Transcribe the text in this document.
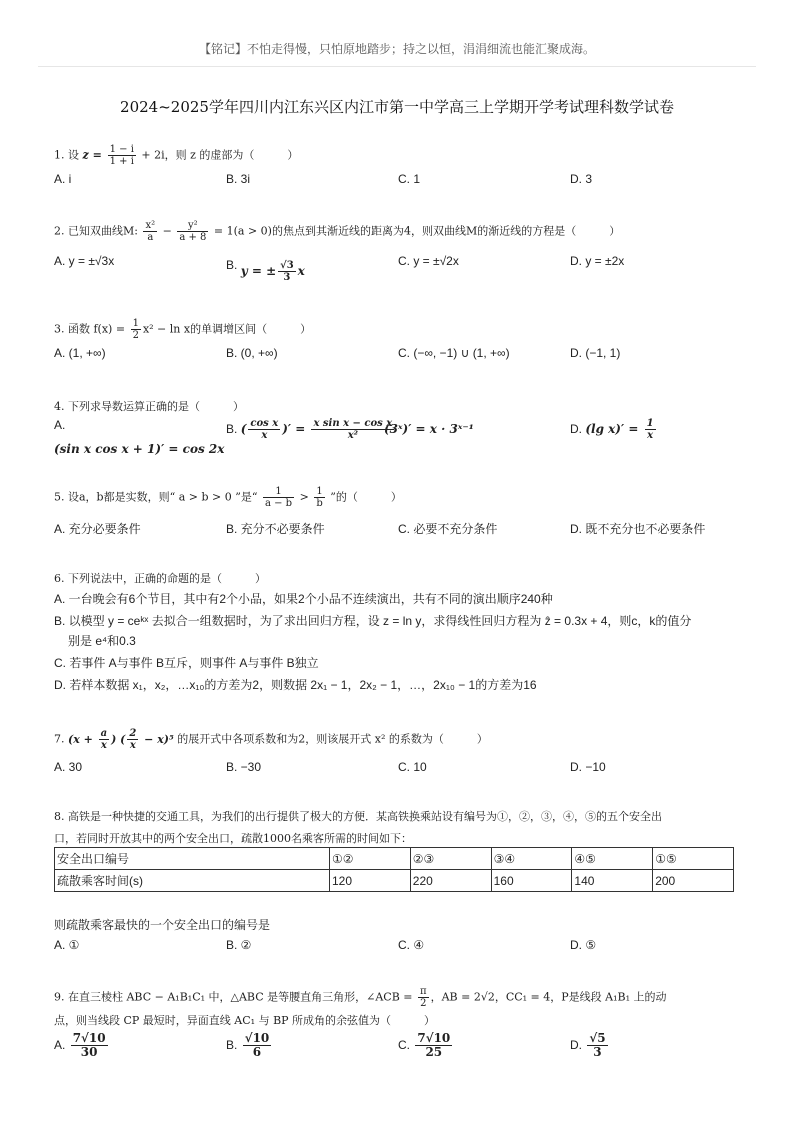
【铭记】不怕走得慢，只怕原地踏步；持之以恒，涓涓细流也能汇聚成海。
2024~2025学年四川内江东兴区内江市第一中学高三上学期开学考试理科数学试卷
1. 设 $z = \frac{1 - i}{1 + i} + 2i$，则 z 的虚部为（　　　）
A. i	B. 3i	C. 1	D. 3
2. 已知双曲线M: $\frac{\text{x²}}{a} - \frac{\text{y²}}{a + 8} = 1(a > 0)$的焦点到其渐近线的距离为4，则双曲线M的渐近线的方程是（　　　）
A. y = ±√3x	B. y = ± $\frac{√3}{3}$ x
C. y = ±√2x	D. y = ±2x
3. 函数 $f(x) = \frac{1}{2} x^2 - \ln x$的单调增区间（　　　）
A. (1, +∞)	B. (0, +∞)	C. (−∞, −1) ∪ (1, +∞)	D. (−1, 1)
4. 下列求导数运算正确的是（　　　）
A.
(sin x cos x + 1)′ = cos 2x
B. ( $\frac{\text{cos x}}{x}$ )′ = $\frac{\text{x sin x − cos x}}{\text{x²}}$
(3ˣ)′ = x · 3ˣ⁻¹	D. (lg $x)' = \frac{1}{x}$
5. 设a，b都是实数，则“ a > b > 0 ”是“ $\frac{1}{a - b} > \frac{1}{b}$ ”的（　　　）
A. 充分必要条件	B. 充分不必要条件	C. 必要不充分条件	D. 既不充分也不必要条件
6. 下列说法中，正确的命题的是（　　　）
A. 一台晚会有6个节目，其中有2个小品，如果2个小品不连续演出，共有不同的演出顺序240种
B. 以模型 y = ceᵏˣ 去拟合一组数据时，为了求出回归方程，设 z = ln y，求得线性回归方程为 ẑ = 0.3x + 4，则c，k的值分
别是 e⁴和0.3
C. 若事件 A与事件 B互斥，则事件 A与事件 B独立
D. 若样本数据 x₁，x₂，…x₁₀的方差为2，则数据 2x₁ − 1，2x₂ − 1，…，2x₁₀ − 1的方差为16
7. ($x + \frac{a}{x}$ ) ( $\frac{2}{x} - x)^5$ 的展开式中各项系数和为2，则该展开式 x² 的系数为（　　　）
A. 30	B. −30	C. 10	D. −10
8. 高铁是一种快捷的交通工具，为我们的出行提供了极大的方便．某高铁换乘站设有编号为①，②，③，④，⑤的五个安全出
口，若同时开放其中的两个安全出口，疏散1000名乘客所需的时间如下：
安全出口编号	①②	②③	③④	④⑤	①⑤
疏散乘客时间(s)	120	220	160	140	200
则疏散乘客最快的一个安全出口的编号是
A. ①	B. ②	C. ④	D. ⑤
9. 在直三棱柱 ABC − A₁B₁C₁ 中，△ABC 是等腰直角三角形，∠ACB = $\frac{\pi}{2}$ ，AB = 2√2，CC₁ = 4，P是线段 A₁B₁ 上的动
点，则当线段 CP 最短时，异面直线 AC₁ 与 BP 所成角的余弦值为（　　　）
A. $\frac{7√10}{30}$	B. $\frac{√10}{6}$	C. $\frac{7√10}{25}$	D. $\frac{√5}{3}$
